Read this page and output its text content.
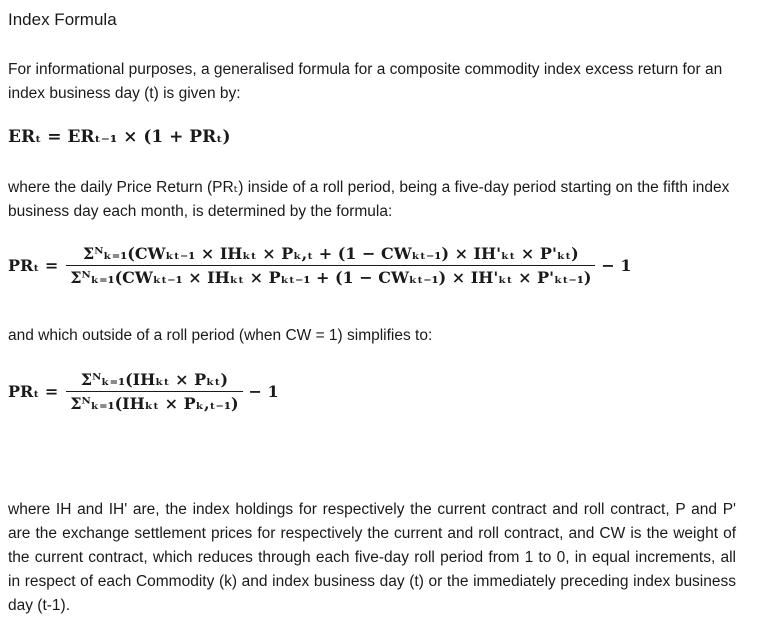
Index Formula
For informational purposes, a generalised formula for a composite commodity index excess return for an index business day (t) is given by:
ERₜ = ERₜ₋₁ × (1 + PRₜ)
where the daily Price Return (PRₜ) inside of a roll period, being a five-day period starting on the fifth index business day each month, is determined by the formula:
$PR_t = \frac{\text{Σᴺₖ₌₁(CWₖₜ₋₁ × IHₖₜ × Pₖ,ₜ + (1 − CWₖₜ₋₁) × IH'ₖₜ × P'ₖₜ)}}{\text{Σᴺₖ₌₁(CWₖₜ₋₁ × IHₖₜ × Pₖₜ₋₁ + (1 − CWₖₜ₋₁) × IH'ₖₜ × P'ₖₜ₋₁)}} - 1$
and which outside of a roll period (when CW = 1) simplifies to:
$PR_t = \frac{\text{Σᴺₖ₌₁(IHₖₜ × Pₖₜ)}}{\text{Σᴺₖ₌₁(IHₖₜ × Pₖ,ₜ₋₁)}} - 1$
where IH and IH' are, the index holdings for respectively the current contract and roll contract, P and P' are the exchange settlement prices for respectively the current and roll contract, and CW is the weight of the current contract, which reduces through each five-day roll period from 1 to 0, in equal increments, all in respect of each Commodity (k) and index business day (t) or the immediately preceding index business day (t-1).
